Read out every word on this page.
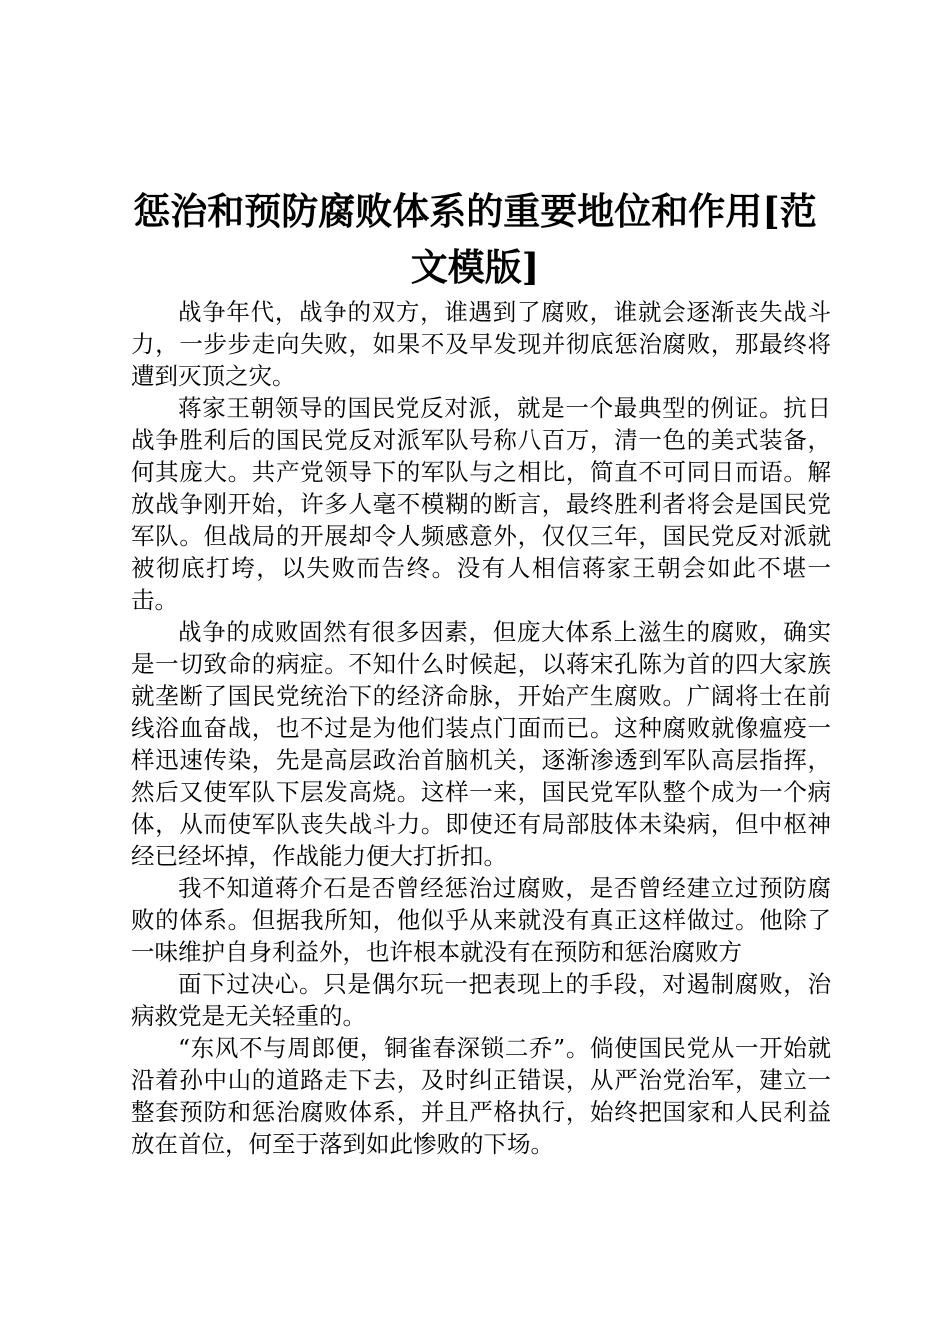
惩治和预防腐败体系的重要地位和作用[范文模版]

战争年代，战争的双方，谁遇到了腐败，谁就会逐渐丧失战斗力，一步步走向失败，如果不及早发现并彻底惩治腐败，那最终将遭到灭顶之灾。

蒋家王朝领导的国民党反对派，就是一个最典型的例证。抗日战争胜利后的国民党反对派军队号称八百万，清一色的美式装备，何其庞大。共产党领导下的军队与之相比，简直不可同日而语。解放战争刚开始，许多人毫不模糊的断言，最终胜利者将会是国民党军队。但战局的开展却令人频感意外，仅仅三年，国民党反对派就被彻底打垮，以失败而告终。没有人相信蒋家王朝会如此不堪一击。

战争的成败固然有很多因素，但庞大体系上滋生的腐败，确实是一切致命的病症。不知什么时候起，以蒋宋孔陈为首的四大家族就垄断了国民党统治下的经济命脉，开始产生腐败。广阔将士在前线浴血奋战，也不过是为他们装点门面而已。这种腐败就像瘟疫一样迅速传染，先是高层政治首脑机关，逐渐渗透到军队高层指挥，然后又使军队下层发高烧。这样一来，国民党军队整个成为一个病体，从而使军队丧失战斗力。即使还有局部肢体未染病，但中枢神经已经坏掉，作战能力便大打折扣。

我不知道蒋介石是否曾经惩治过腐败，是否曾经建立过预防腐败的体系。但据我所知，他似乎从来就没有真正这样做过。他除了一味维护自身利益外，也许根本就没有在预防和惩治腐败方

面下过决心。只是偶尔玩一把表现上的手段，对遏制腐败，治病救党是无关轻重的。

“东风不与周郎便，铜雀春深锁二乔”。倘使国民党从一开始就沿着孙中山的道路走下去，及时纠正错误，从严治党治军，建立一整套预防和惩治腐败体系，并且严格执行，始终把国家和人民利益放在首位，何至于落到如此惨败的下场。
